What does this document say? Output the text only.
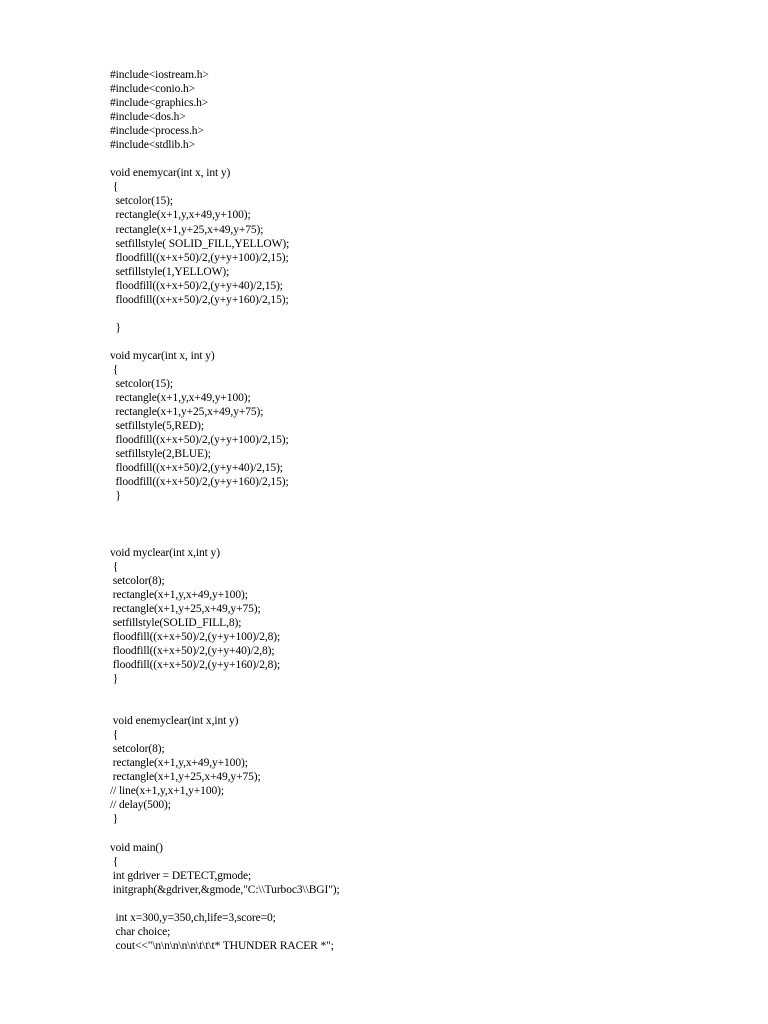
#include<iostream.h>
#include<conio.h>
#include<graphics.h>
#include<dos.h>
#include<process.h>
#include<stdlib.h>
void enemycar(int x, int y)
{
setcolor(15);
rectangle(x+1,y,x+49,y+100);
rectangle(x+1,y+25,x+49,y+75);
setfillstyle( SOLID_FILL,YELLOW);
floodfill((x+x+50)/2,(y+y+100)/2,15);
setfillstyle(1,YELLOW);
floodfill((x+x+50)/2,(y+y+40)/2,15);
floodfill((x+x+50)/2,(y+y+160)/2,15);
}
void mycar(int x, int y)
{
setcolor(15);
rectangle(x+1,y,x+49,y+100);
rectangle(x+1,y+25,x+49,y+75);
setfillstyle(5,RED);
floodfill((x+x+50)/2,(y+y+100)/2,15);
setfillstyle(2,BLUE);
floodfill((x+x+50)/2,(y+y+40)/2,15);
floodfill((x+x+50)/2,(y+y+160)/2,15);
}
void myclear(int x,int y)
{
setcolor(8);
rectangle(x+1,y,x+49,y+100);
rectangle(x+1,y+25,x+49,y+75);
setfillstyle(SOLID_FILL,8);
floodfill((x+x+50)/2,(y+y+100)/2,8);
floodfill((x+x+50)/2,(y+y+40)/2,8);
floodfill((x+x+50)/2,(y+y+160)/2,8);
}
void enemyclear(int x,int y)
{
setcolor(8);
rectangle(x+1,y,x+49,y+100);
rectangle(x+1,y+25,x+49,y+75);
// line(x+1,y,x+1,y+100);
// delay(500);
}
void main()
{
int gdriver = DETECT,gmode;
initgraph(&gdriver,&gmode,"C:\\Turboc3\\BGI");
int x=300,y=350,ch,life=3,score=0;
char choice;
cout<<"\n\n\n\n\n\t\t\t* THUNDER RACER *";
